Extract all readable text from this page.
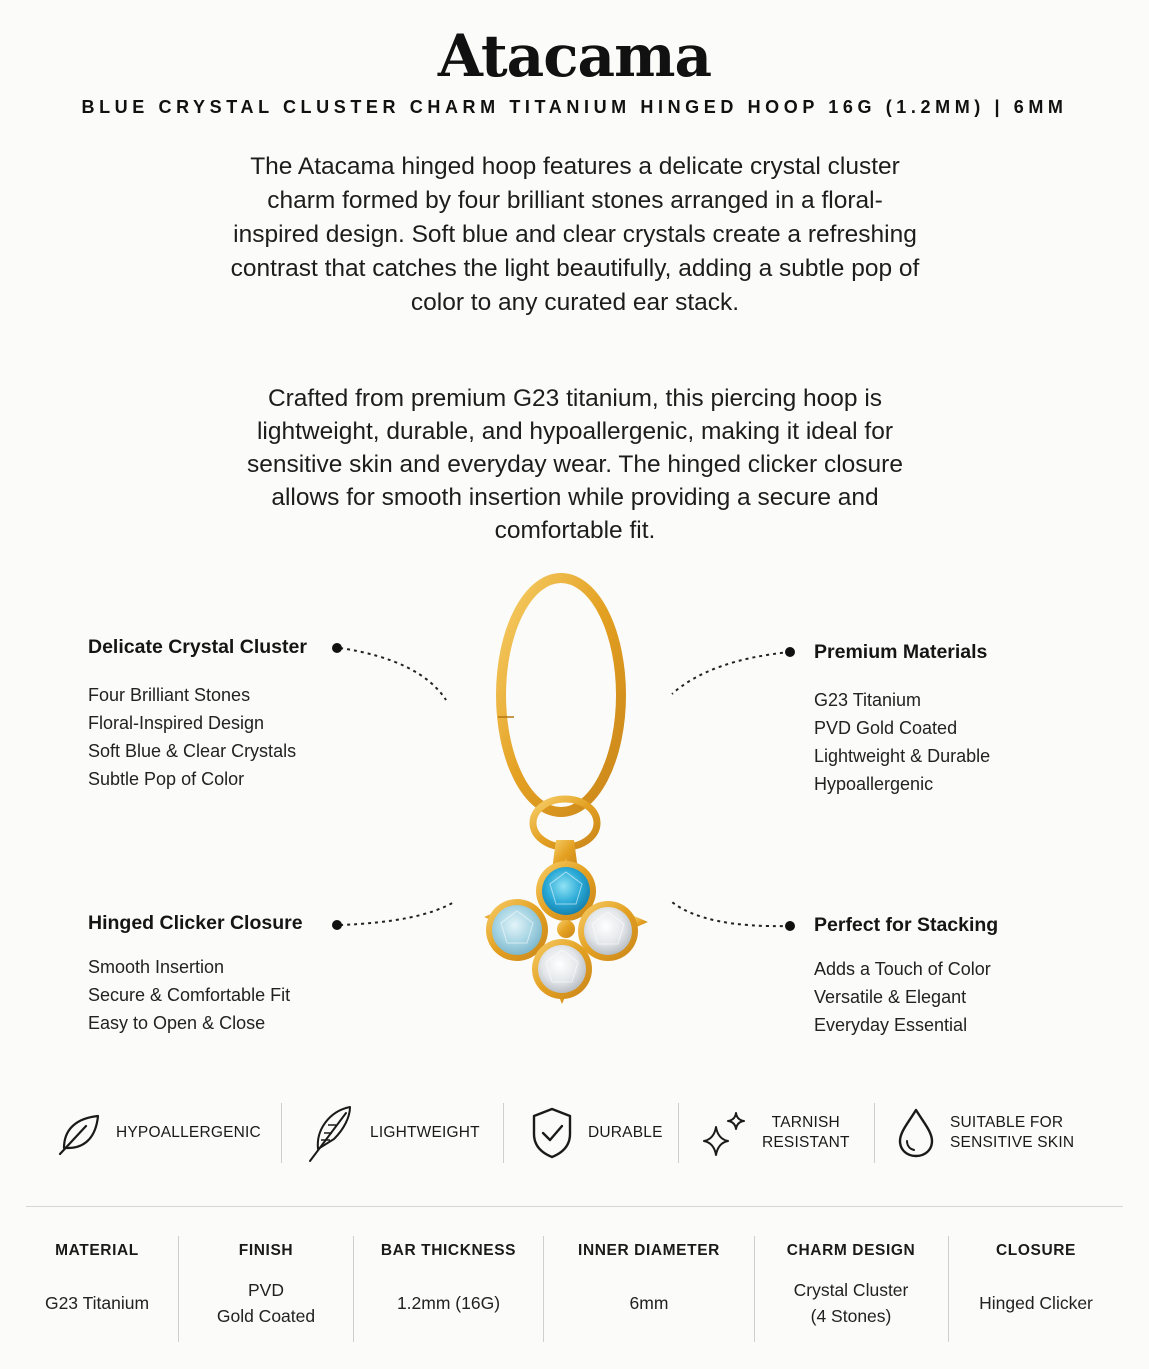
Atacama
BLUE CRYSTAL CLUSTER CHARM TITANIUM HINGED HOOP 16G (1.2MM) | 6MM
The Atacama hinged hoop features a delicate crystal cluster charm formed by four brilliant stones arranged in a floral-inspired design. Soft blue and clear crystals create a refreshing contrast that catches the light beautifully, adding a subtle pop of color to any curated ear stack.
Crafted from premium G23 titanium, this piercing hoop is lightweight, durable, and hypoallergenic, making it ideal for sensitive skin and everyday wear. The hinged clicker closure allows for smooth insertion while providing a secure and comfortable fit.
Delicate Crystal Cluster
Four Brilliant Stones
Floral-Inspired Design
Soft Blue & Clear Crystals
Subtle Pop of Color
Premium Materials
G23 Titanium
PVD Gold Coated
Lightweight & Durable
Hypoallergenic
Hinged Clicker Closure
Smooth Insertion
Secure & Comfortable Fit
Easy to Open & Close
Perfect for Stacking
Adds a Touch of Color
Versatile & Elegant
Everyday Essential
HYPOALLERGENIC	LIGHTWEIGHT	DURABLE
TARNISH
RESISTANT
SUITABLE FOR
SENSITIVE SKIN
MATERIAL
G23 Titanium
FINISH
PVD
Gold Coated
BAR THICKNESS
1.2mm (16G)
INNER DIAMETER
6mm
CHARM DESIGN
Crystal Cluster
(4 Stones)
CLOSURE
Hinged Clicker
